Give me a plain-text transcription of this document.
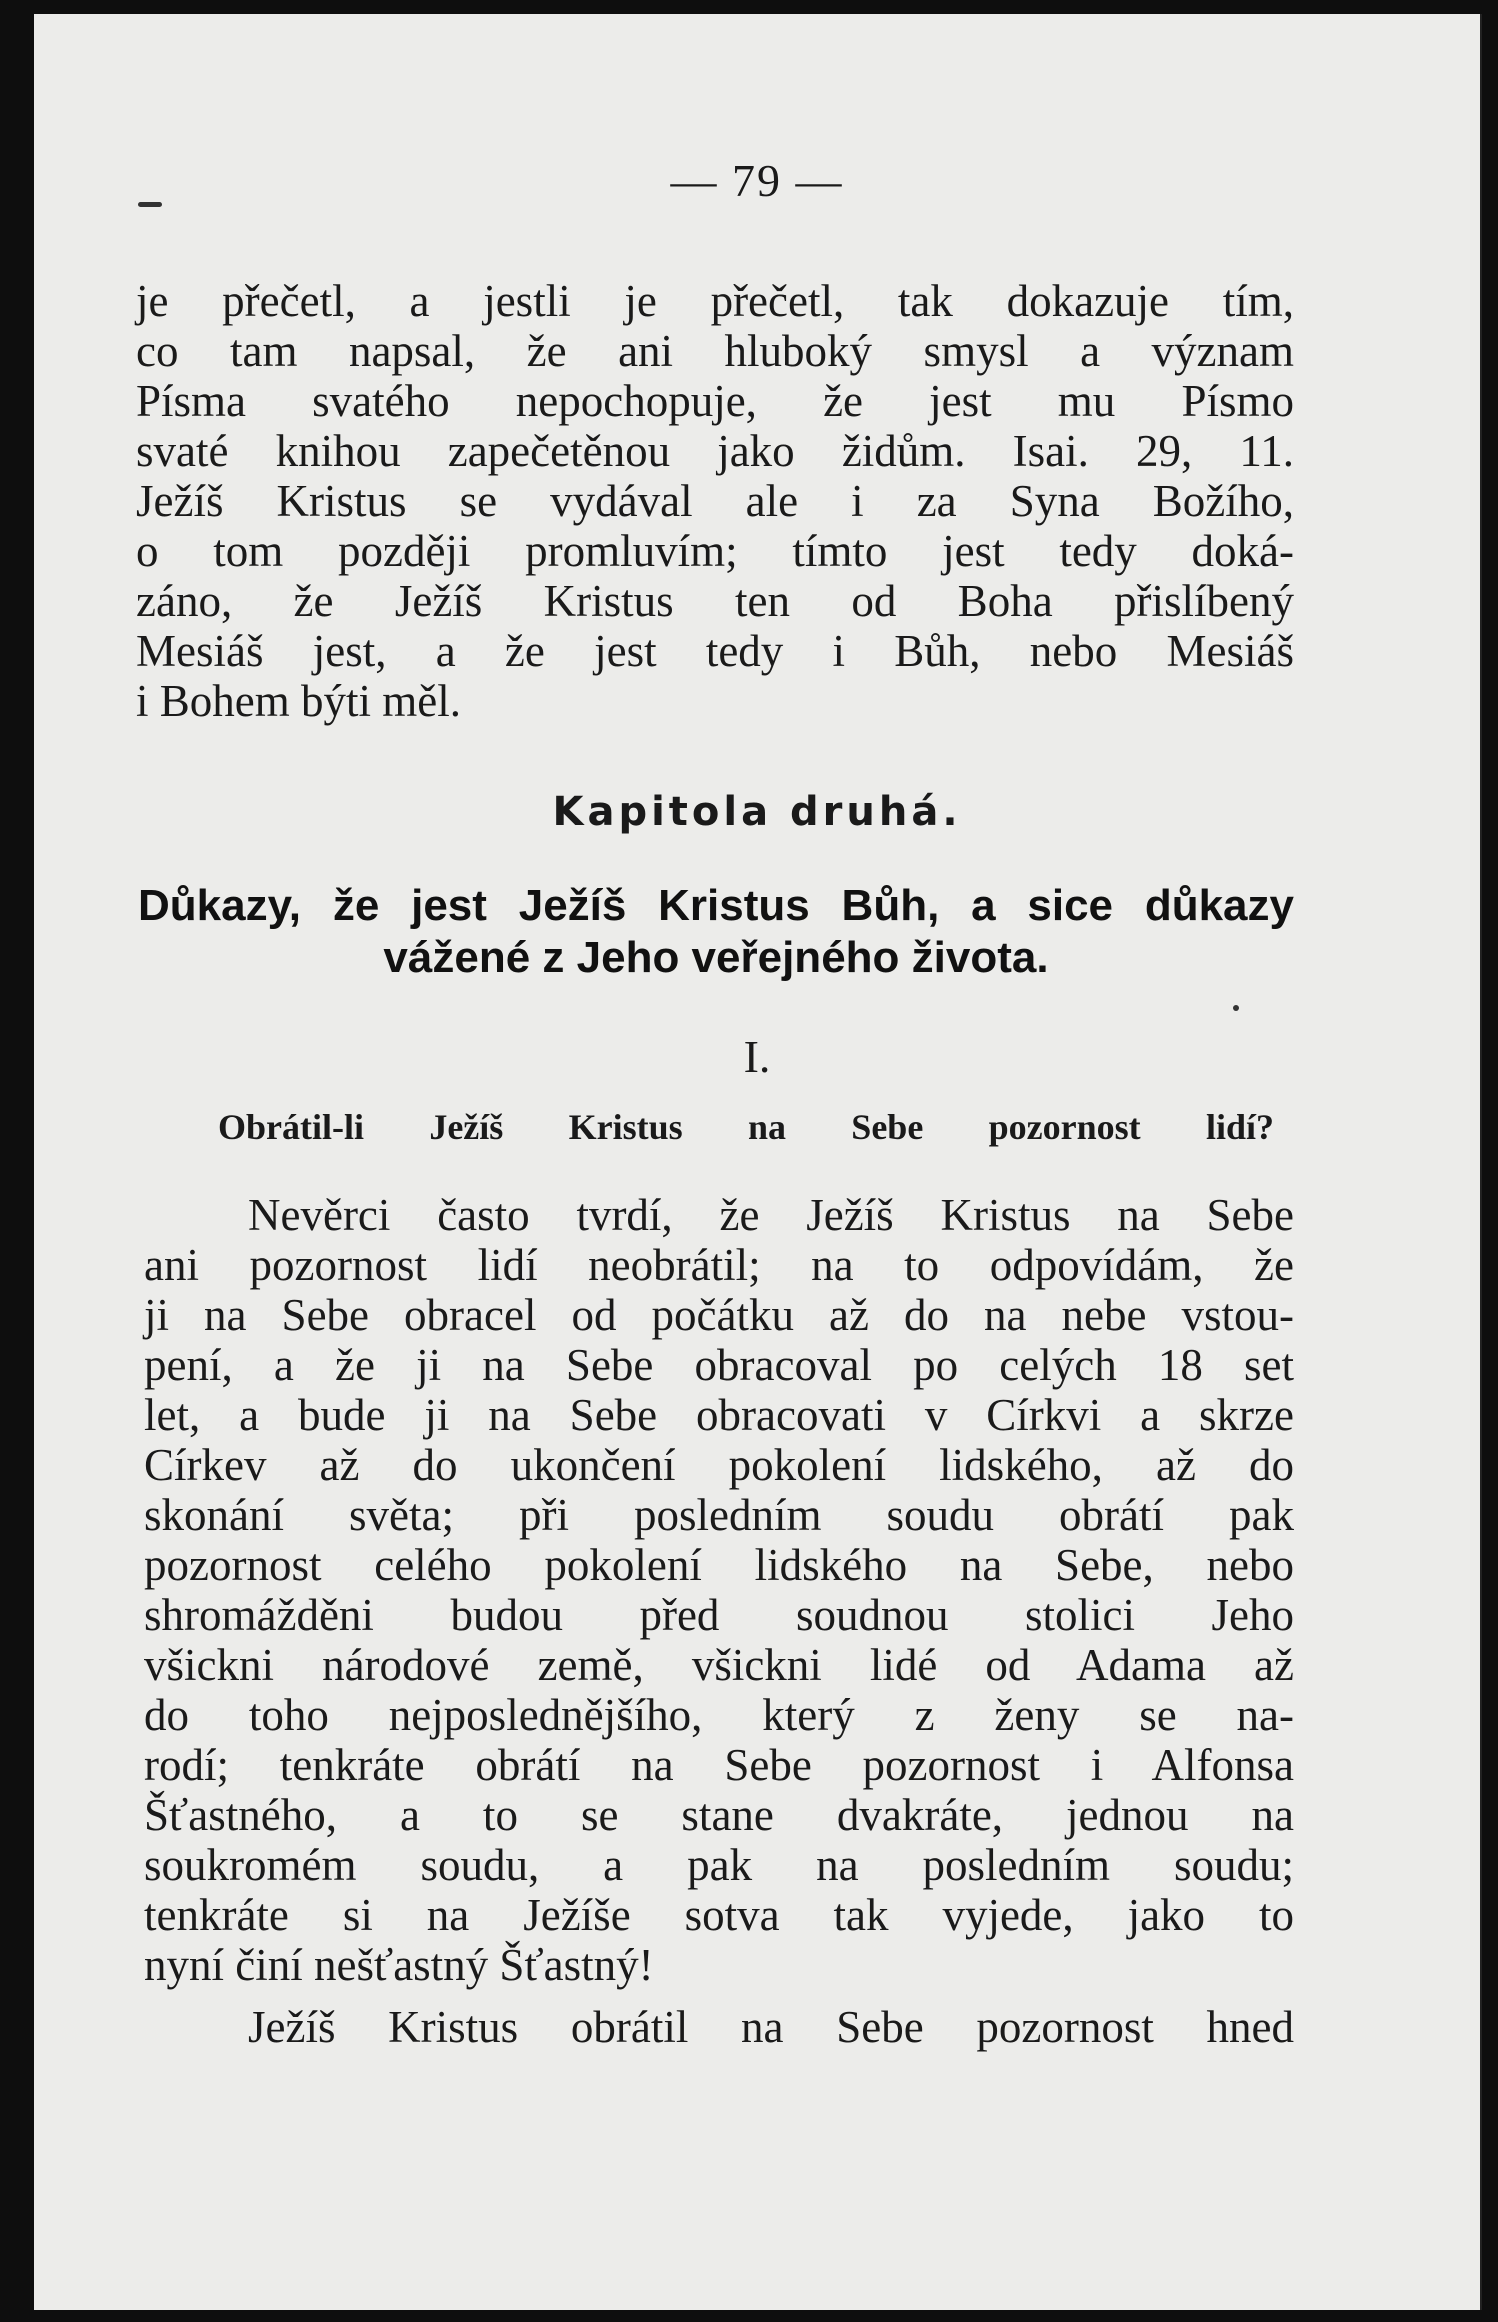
— 79 —
je přečetl, a jestli je přečetl, tak dokazuje tím,
co tam napsal, že ani hluboký smysl a význam
Písma svatého nepochopuje, že jest mu Písmo
svaté knihou zapečetěnou jako židům. Isai. 29, 11.
Ježíš Kristus se vydával ale i za Syna Božího,
o tom později promluvím; tímto jest tedy doká-
záno, že Ježíš Kristus ten od Boha přislíbený
Mesiáš jest, a že jest tedy i Bůh, nebo Mesiáš
i Bohem býti měl.
Kapitola druhá.
Důkazy, že jest Ježíš Kristus Bůh, a sice důkazy
vážené z Jeho veřejného života.
I.
Obrátil-li Ježíš Kristus na Sebe pozornost lidí?
Nevěrci často tvrdí, že Ježíš Kristus na Sebe
ani pozornost lidí neobrátil; na to odpovídám, že
ji na Sebe obracel od počátku až do na nebe vstou-
pení, a že ji na Sebe obracoval po celých 18 set
let, a bude ji na Sebe obracovati v Církvi a skrze
Církev až do ukončení pokolení lidského, až do
skonání světa; při posledním soudu obrátí pak
pozornost celého pokolení lidského na Sebe, nebo
shromážděni budou před soudnou stolici Jeho
všickni národové země, všickni lidé od Adama až
do toho nejposlednějšího, který z ženy se na-
rodí; tenkráte obrátí na Sebe pozornost i Alfonsa
Šťastného, a to se stane dvakráte, jednou na
soukromém soudu, a pak na posledním soudu;
tenkráte si na Ježíše sotva tak vyjede, jako to
nyní činí nešťastný Šťastný!
Ježíš Kristus obrátil na Sebe pozornost hned
